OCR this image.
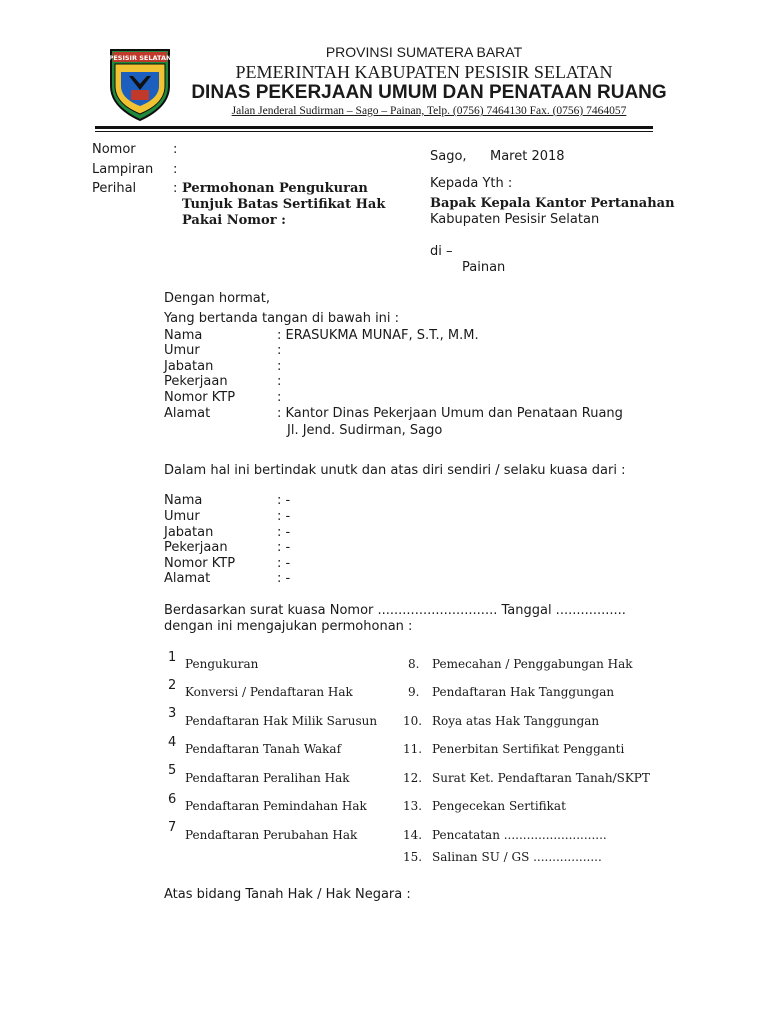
PESISIR SELATAN	PROVINSI SUMATERA BARAT
PEMERINTAH KABUPATEN PESISIR SELATAN
DINAS PEKERJAAN UMUM DAN PENATAAN RUANG
Jalan Jenderal Sudirman – Sago – Painan, Telp. (0756) 7464130 Fax. (0756) 7464057
Nomor	:
Lampiran :
Perihal	: Permohonan Pengukuran
Tunjuk Batas Sertifikat Hak
Pakai Nomor :
Sago, Maret 2018
Kepada Yth :
Bapak Kepala Kantor Pertanahan
Kabupaten Pesisir Selatan
di –
Painan
Dengan hormat,
Yang bertanda tangan di bawah ini :
Nama	: ERASUKMA MUNAF, S.T., M.M.
Umur	:
Jabatan	:
Pekerjaan	:
Nomor KTP	:
Alamat	: Kantor Dinas Pekerjaan Umum dan Penataan Ruang
Jl. Jend. Sudirman, Sago
Dalam hal ini bertindak unutk dan atas diri sendiri / selaku kuasa dari :
Nama	: -
Umur	: -
Jabatan	: -
Pekerjaan	: -
Nomor KTP	: -
Alamat	: -
Berdasarkan surat kuasa Nomor ............................. Tanggal .................
dengan ini mengajukan permohonan :
1 Pengukuran
2 Konversi / Pendaftaran Hak
3 Pendaftaran Hak Milik Sarusun
4 Pendaftaran Tanah Wakaf
5 Pendaftaran Peralihan Hak
6 Pendaftaran Pemindahan Hak
7 Pendaftaran Perubahan Hak
8. Pemecahan / Penggabungan Hak
9. Pendaftaran Hak Tanggungan
10. Roya atas Hak Tanggungan
11. Penerbitan Sertifikat Pengganti
12. Surat Ket. Pendaftaran Tanah/SKPT
13. Pengecekan Sertifikat
14. Pencatatan ...........................
15. Salinan SU / GS ..................
Atas bidang Tanah Hak / Hak Negara :
